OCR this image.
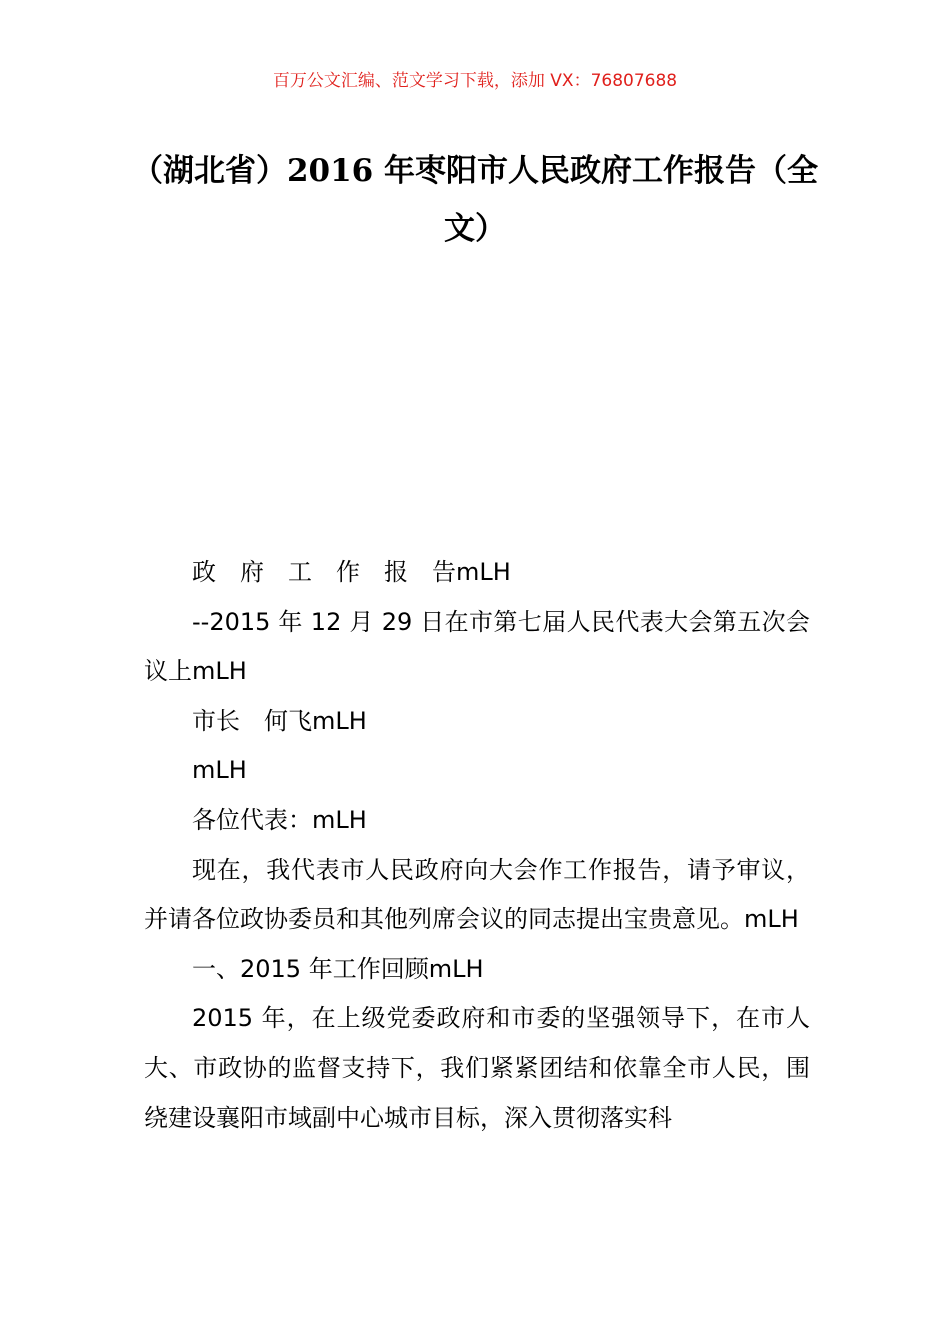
百万公文汇编、范文学习下载，添加 VX：76807688
（湖北省）2016 年枣阳市人民政府工作报告（全文）

政　府　工　作　报　告mLH

--2015 年 12 月 29 日在市第七届人民代表大会第五次会议上mLH

市长　何飞mLH

mLH

各位代表：mLH

现在，我代表市人民政府向大会作工作报告，请予审议，并请各位政协委员和其他列席会议的同志提出宝贵意见。mLH

一、2015 年工作回顾mLH

2015 年，在上级党委政府和市委的坚强领导下，在市人大、市政协的监督支持下，我们紧紧团结和依靠全市人民，围绕建设襄阳市域副中心城市目标，深入贯彻落实科
